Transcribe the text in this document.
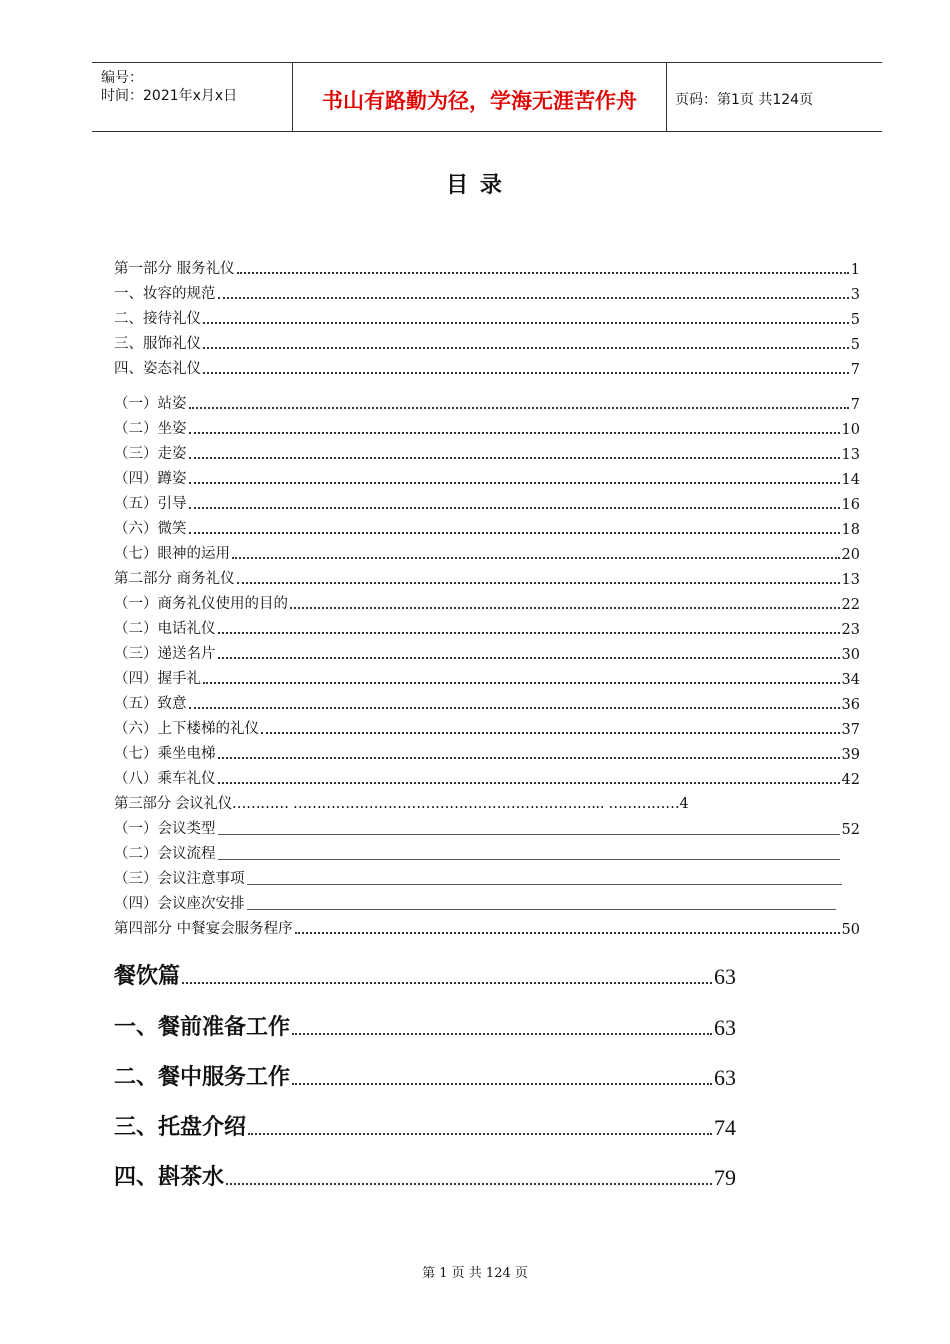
编号：
时间：2021年x月x日	书山有路勤为径，学海无涯苦作舟	页码：第1页 共124页
目 录
第一部分 服务礼仪	1
一、妆容的规范	3
二、接待礼仪	5
三、服饰礼仪	5
四、姿态礼仪	7
（一）站姿	7
（二）坐姿	10
（三）走姿	13
（四）蹲姿	14
（五）引导	16
（六）微笑	18
（七）眼神的运用	20
第二部分 商务礼仪	13
（一）商务礼仪使用的目的	22
（二）电话礼仪	23
（三）递送名片	30
（四）握手礼	34
（五）致意	36
（六）上下楼梯的礼仪	37
（七）乘坐电梯	39
（八）乘车礼仪	42
第三部分 会议礼仪………… ………………………………………………………... ……………4
（一）会议类型	52
（二）会议流程
（三）会议注意事项
（四）会议座次安排
第四部分 中餐宴会服务程序	50
餐饮篇	63
一、餐前准备工作	63
二、餐中服务工作	63
三、托盘介绍	74
四、斟茶水	79
第 1 页 共 124 页
